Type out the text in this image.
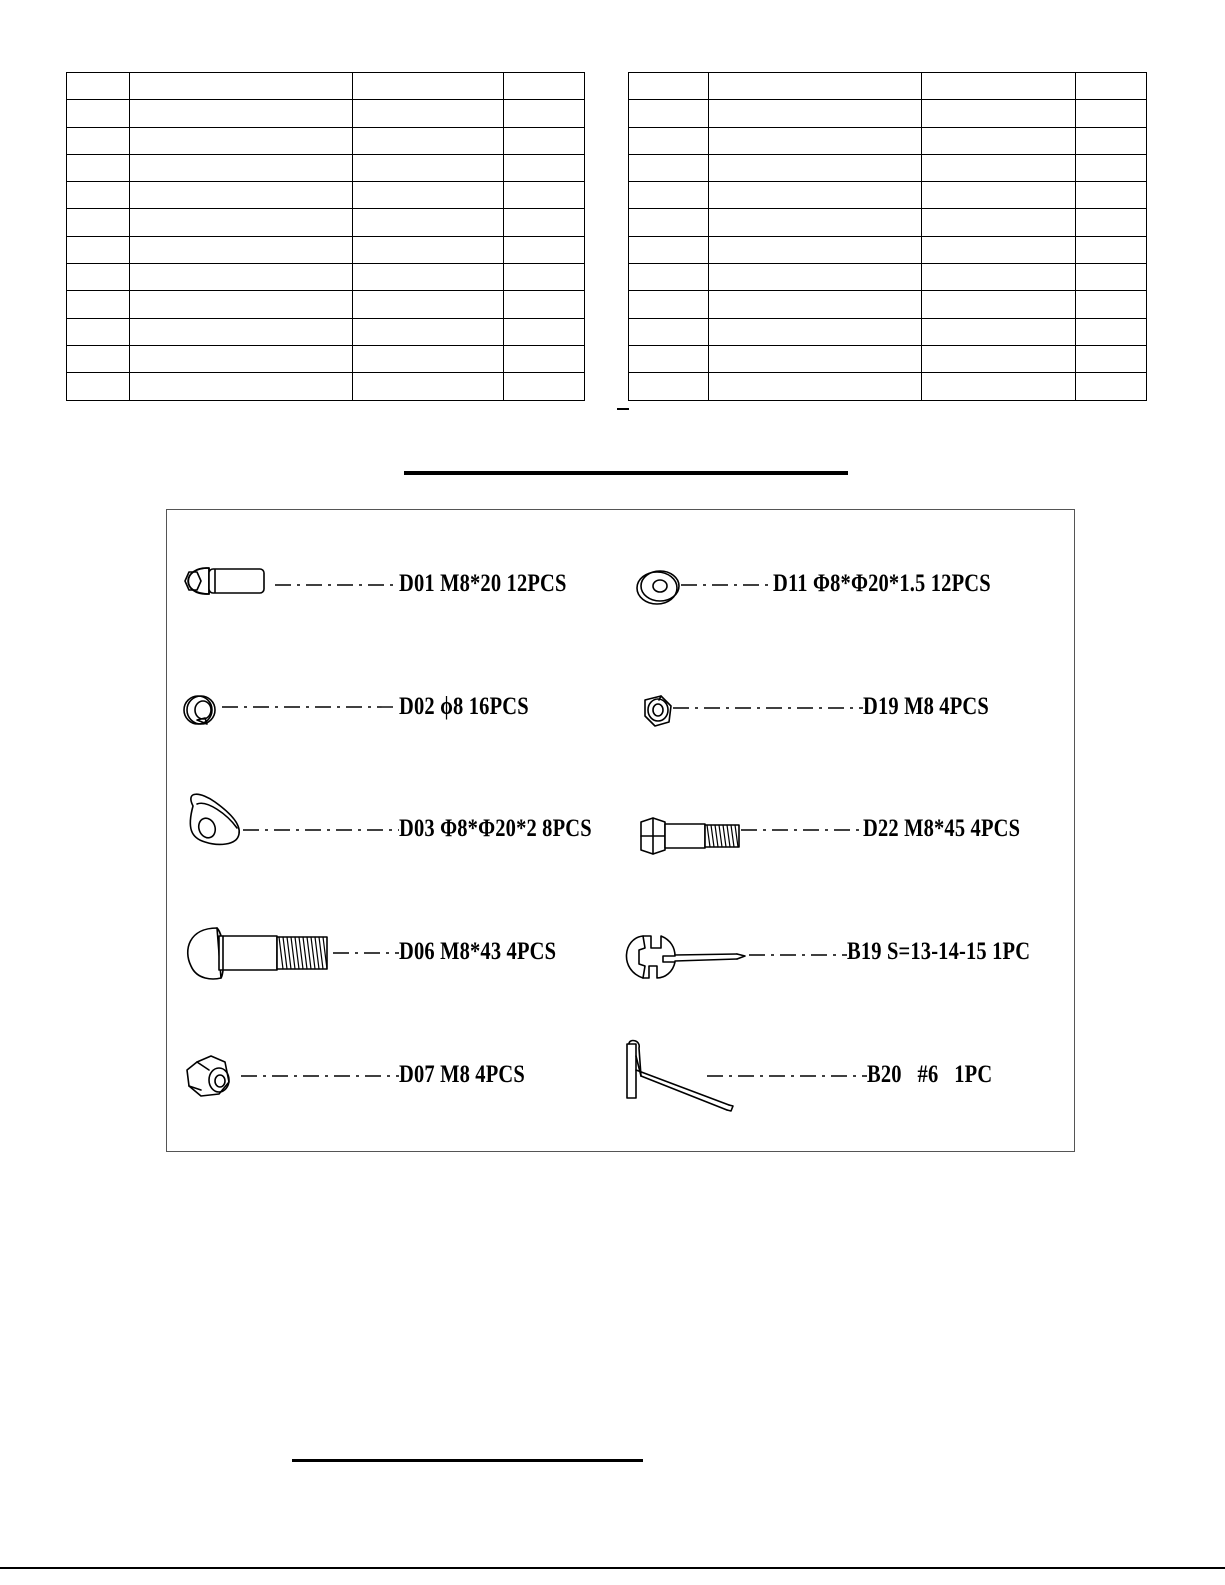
D01 M8*20 12PCS	D11 Φ8*Φ20*1.5 12PCS
D02 ϕ8 16PCS	D19 M8 4PCS
D03 Φ8*Φ20*2 8PCS	D22 M8*45 4PCS
D06 M8*43 4PCS	B19 S=13-14-15 1PC
D07 M8 4PCS	B20   #6   1PC
